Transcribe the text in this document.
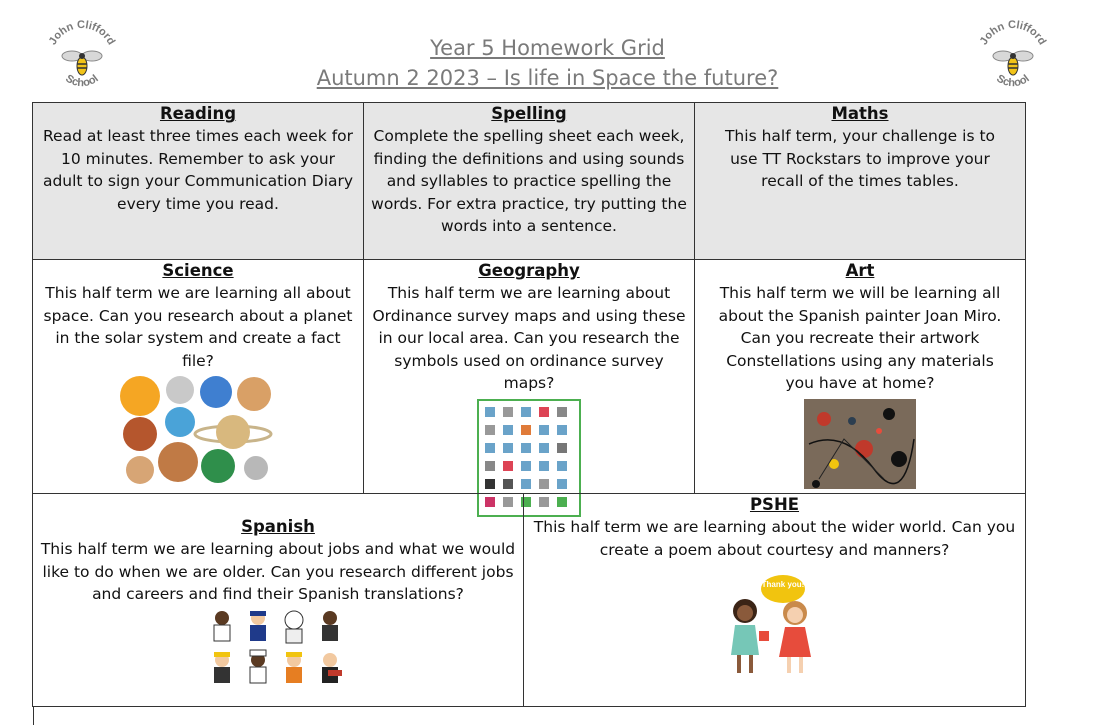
John Clifford
School
John Clifford
School
Year 5 Homework Grid
Autumn 2 2023 – Is life in Space the future?
Reading

Read at least three times each week for 10 minutes. Remember to ask your adult to sign your Communication Diary every time you read.

Spelling

Complete the spelling sheet each week, finding the definitions and using sounds and syllables to practice spelling the words. For extra practice, try putting the words into a sentence.

Maths

This half term, your challenge is to use TT Rockstars to improve your recall of the times tables.

Science

This half term we are learning all about space. Can you research about a planet in the solar system and create a fact file?

Geography

This half term we are learning about Ordinance survey maps and using these in our local area. Can you research the symbols used on ordinance survey maps?

Art

This half term we will be learning all about the Spanish painter Joan Miro. Can you recreate their artwork Constellations using any materials you have at home?

Spanish

This half term we are learning about jobs and what we would like to do when we are older. Can you research different jobs and careers and find their Spanish translations?

PSHE

This half term we are learning about the wider world. Can you create a poem about courtesy and manners?

Thank you!
